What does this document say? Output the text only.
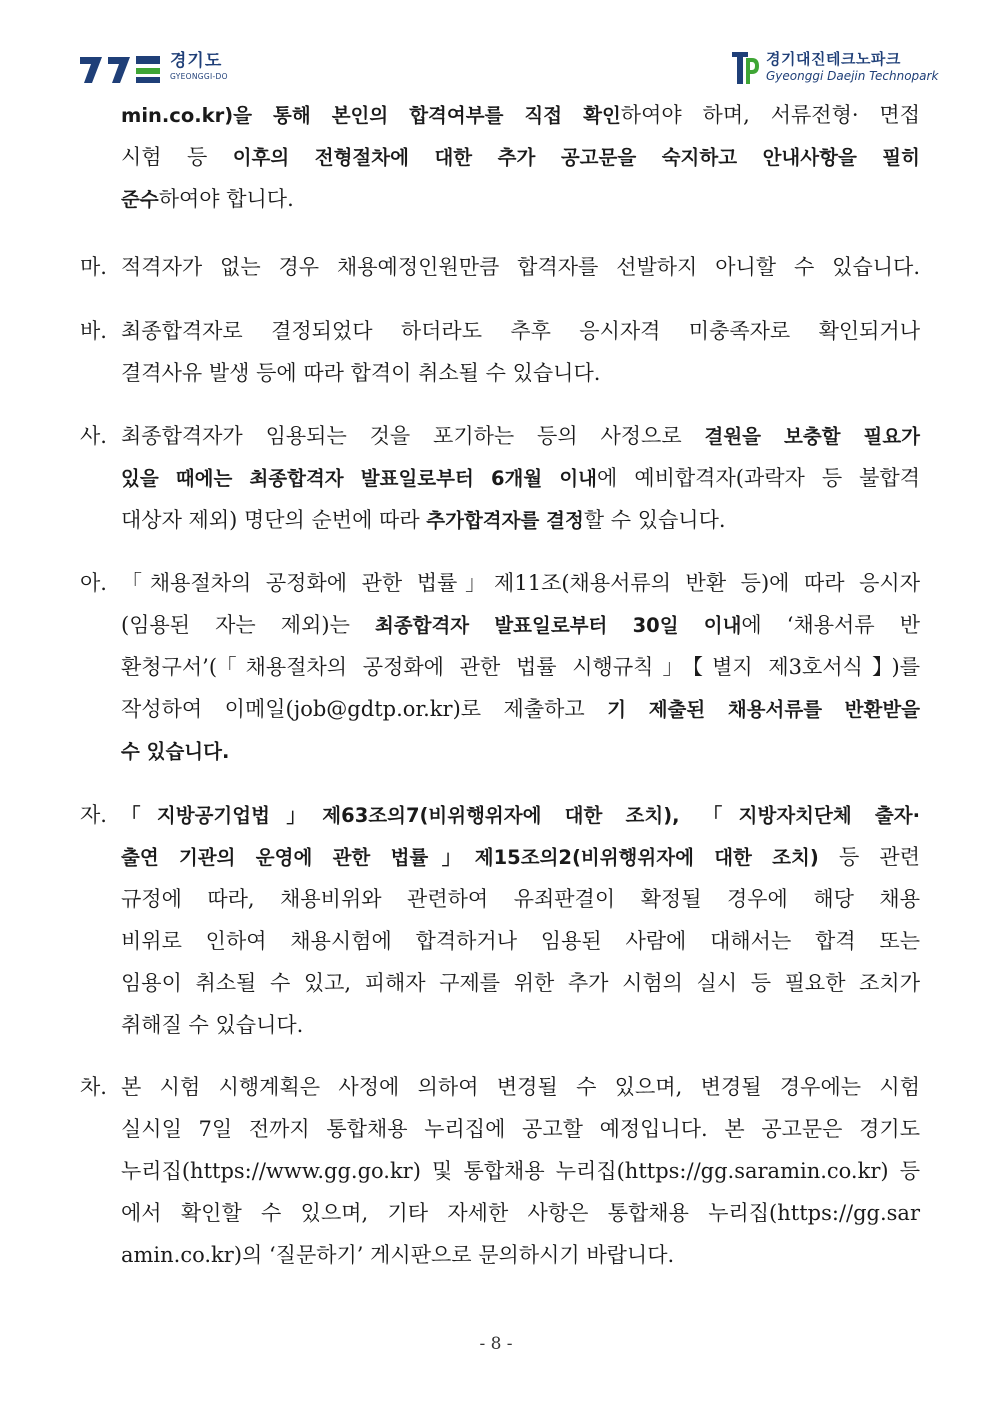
경기도
GYEONGGI-DO
경기대진테크노파크
Gyeonggi Daejin Technopark
min.co.kr)을 통해 본인의 합격여부를 직접 확인하여야 하며, 서류전형· 면접
시험 등 이후의 전형절차에 대한 추가 공고문을 숙지하고 안내사항을 필히
준수하여야 합니다.
마. 적격자가 없는 경우 채용예정인원만큼 합격자를 선발하지 아니할 수 있습니다.
바. 최종합격자로 결정되었다 하더라도 추후 응시자격 미충족자로 확인되거나
결격사유 발생 등에 따라 합격이 취소될 수 있습니다.
사. 최종합격자가 임용되는 것을 포기하는 등의 사정으로 결원을 보충할 필요가
있을 때에는 최종합격자 발표일로부터 6개월 이내에 예비합격자(과락자 등 불합격
대상자 제외) 명단의 순번에 따라 추가합격자를 결정할 수 있습니다.
아. 「채용절차의 공정화에 관한 법률」제11조(채용서류의 반환 등)에 따라 응시자
(임용된 자는 제외)는 최종합격자 발표일로부터 30일 이내에 ‘채용서류 반
환청구서’(「채용절차의 공정화에 관한 법률 시행규칙」【별지 제3호서식】)를
작성하여 이메일(job@gdtp.or.kr)로 제출하고 기 제출된 채용서류를 반환받을
수 있습니다.
자. 「지방공기업법」제63조의7(비위행위자에 대한 조치), 「지방자치단체 출자·
출연 기관의 운영에 관한 법률」제15조의2(비위행위자에 대한 조치) 등 관련
규정에 따라, 채용비위와 관련하여 유죄판결이 확정될 경우에 해당 채용
비위로 인하여 채용시험에 합격하거나 임용된 사람에 대해서는 합격 또는
임용이 취소될 수 있고, 피해자 구제를 위한 추가 시험의 실시 등 필요한 조치가
취해질 수 있습니다.
차. 본 시험 시행계획은 사정에 의하여 변경될 수 있으며, 변경될 경우에는 시험
실시일 7일 전까지 통합채용 누리집에 공고할 예정입니다. 본 공고문은 경기도
누리집(https://www.gg.go.kr) 및 통합채용 누리집(https://gg.saramin.co.kr) 등
에서 확인할 수 있으며, 기타 자세한 사항은 통합채용 누리집(https://gg.sar
amin.co.kr)의 ‘질문하기’ 게시판으로 문의하시기 바랍니다.
- 8 -
